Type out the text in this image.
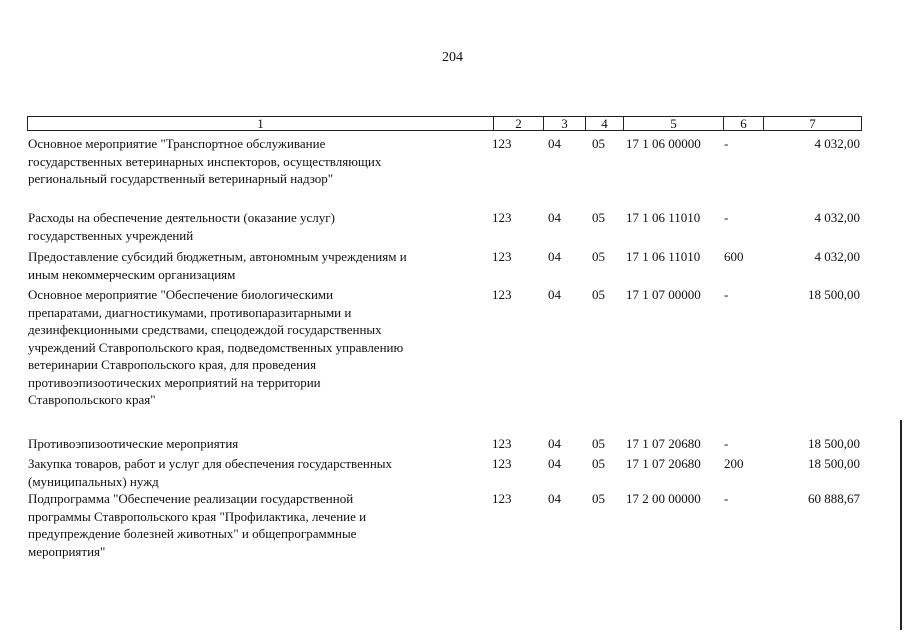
204
1	2	3	4	5	6	7
Основное мероприятие "Транспортное обслуживание
государственных ветеринарных инспекторов, осуществляющих
региональный государственный ветеринарный надзор"
123	04	05	17 1 06 00000	-	4 032,00
Расходы на обеспечение деятельности (оказание услуг)
государственных учреждений
123	04	05	17 1 06 11010	-	4 032,00
Предоставление субсидий бюджетным, автономным учреждениям и
иным некоммерческим организациям
123	04	05	17 1 06 11010	600	4 032,00
Основное мероприятие "Обеспечение биологическими
препаратами, диагностикумами, противопаразитарными и
дезинфекционными средствами, спецодеждой государственных
учреждений Ставропольского края, подведомственных управлению
ветеринарии Ставропольского края, для проведения
противоэпизоотических мероприятий на территории
Ставропольского края"
123	04	05	17 1 07 00000	-	18 500,00
Противоэпизоотические мероприятия	123	04	05	17 1 07 20680	-	18 500,00
Закупка товаров, работ и услуг для обеспечения государственных
(муниципальных) нужд
123	04	05	17 1 07 20680	200	18 500,00
Подпрограмма "Обеспечение реализации государственной
программы Ставропольского края "Профилактика, лечение и
предупреждение болезней животных" и общепрограммные
мероприятия"
123	04	05	17 2 00 00000	-	60 888,67
